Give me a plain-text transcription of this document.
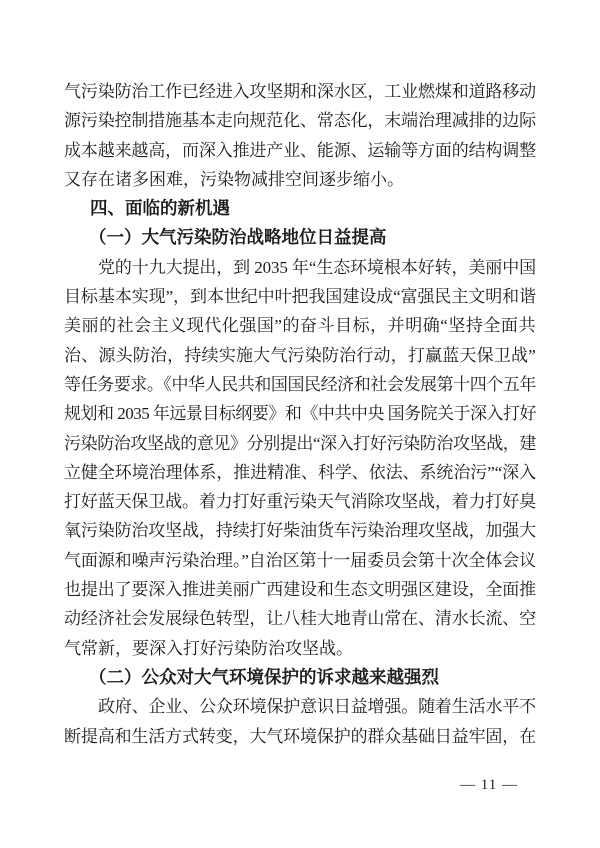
气污染防治工作已经进入攻坚期和深水区，工业燃煤和道路移动
源污染控制措施基本走向规范化、常态化，末端治理减排的边际
成本越来越高，而深入推进产业、能源、运输等方面的结构调整
又存在诸多困难，污染物减排空间逐步缩小。
四、面临的新机遇
（一）大气污染防治战略地位日益提高
党的十九大提出，到 2035 年“生态环境根本好转，美丽中国
目标基本实现”，到本世纪中叶把我国建设成“富强民主文明和谐
美丽的社会主义现代化强国”的奋斗目标，并明确“坚持全面共
治、源头防治，持续实施大气污染防治行动，打赢蓝天保卫战”
等任务要求。《中华人民共和国国民经济和社会发展第十四个五年
规划和 2035 年远景目标纲要》和《中共中央 国务院关于深入打好
污染防治攻坚战的意见》分别提出“深入打好污染防治攻坚战，建
立健全环境治理体系，推进精准、科学、依法、系统治污”“深入
打好蓝天保卫战。着力打好重污染天气消除攻坚战，着力打好臭
氧污染防治攻坚战，持续打好柴油货车污染治理攻坚战，加强大
气面源和噪声污染治理。”自治区第十一届委员会第十次全体会议
也提出了要深入推进美丽广西建设和生态文明强区建设，全面推
动经济社会发展绿色转型，让八桂大地青山常在、清水长流、空
气常新，要深入打好污染防治攻坚战。
（二）公众对大气环境保护的诉求越来越强烈
政府、企业、公众环境保护意识日益增强。随着生活水平不
断提高和生活方式转变，大气环境保护的群众基础日益牢固，在
— 11 —
